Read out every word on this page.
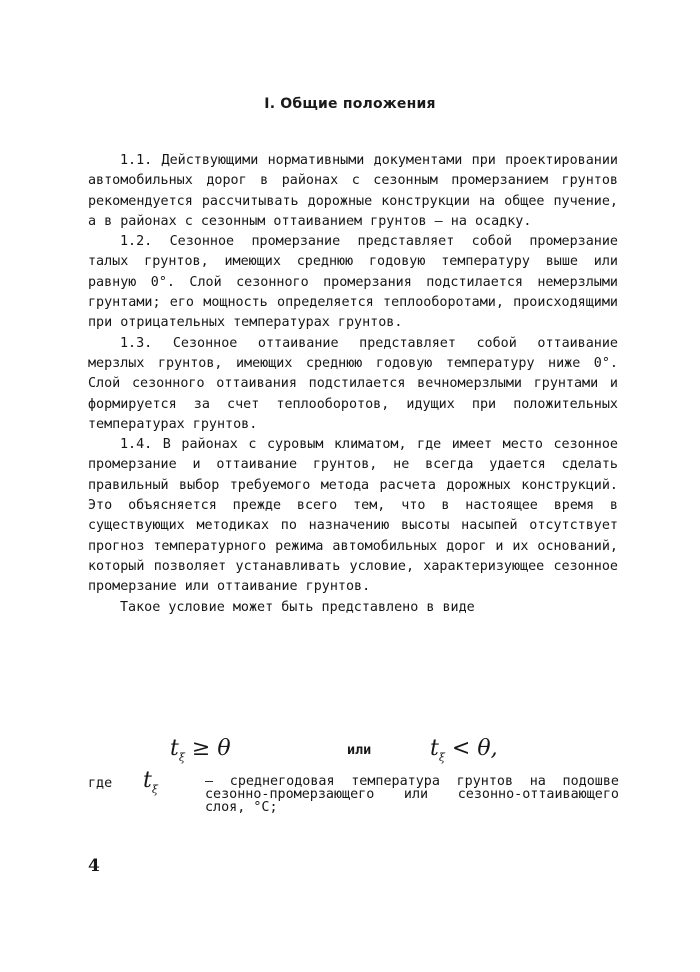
I. Общие положения

1.1. Действующими нормативными документами при проектировании автомобильных дорог в районах с сезонным промерзанием грунтов рекомендуется рассчитывать дорожные конструкции на общее пучение, а в районах с сезонным оттаиванием грунтов – на осадку.

1.2. Сезонное промерзание представляет собой промерзание талых грунтов, имеющих среднюю годовую температуру выше или равную 0°. Слой сезонного промерзания подстилается немерзлыми грунтами; его мощность определяется теплооборотами, происходящими при отрицательных температурах грунтов.

1.3. Сезонное оттаивание представляет собой оттаивание мерзлых грунтов, имеющих среднюю годовую температуру ниже 0°. Слой сезонного оттаивания подстилается вечномерзлыми грунтами и формируется за счет теплооборотов, идущих при положительных температурах грунтов.

1.4. В районах с суровым климатом, где имеет место сезонное промерзание и оттаивание грунтов, не всегда удается сделать правильный выбор требуемого метода расчета дорожных конструкций. Это объясняется прежде всего тем, что в настоящее время в существующих методиках по назначению высоты насыпей отсутствует прогноз температурного режима автомобильных дорог и их оснований, который позволяет устанавливать условие, характеризующее сезонное промерзание или оттаивание грунтов.

Такое условие может быть представлено в виде

$t_\xi \ge \theta$	или	$t_\xi < \theta$,
где $t_\xi$
– среднегодовая температура грунтов на подошве сезонно-промерзающего или сезонно-оттаивающего слоя, °C;
4
